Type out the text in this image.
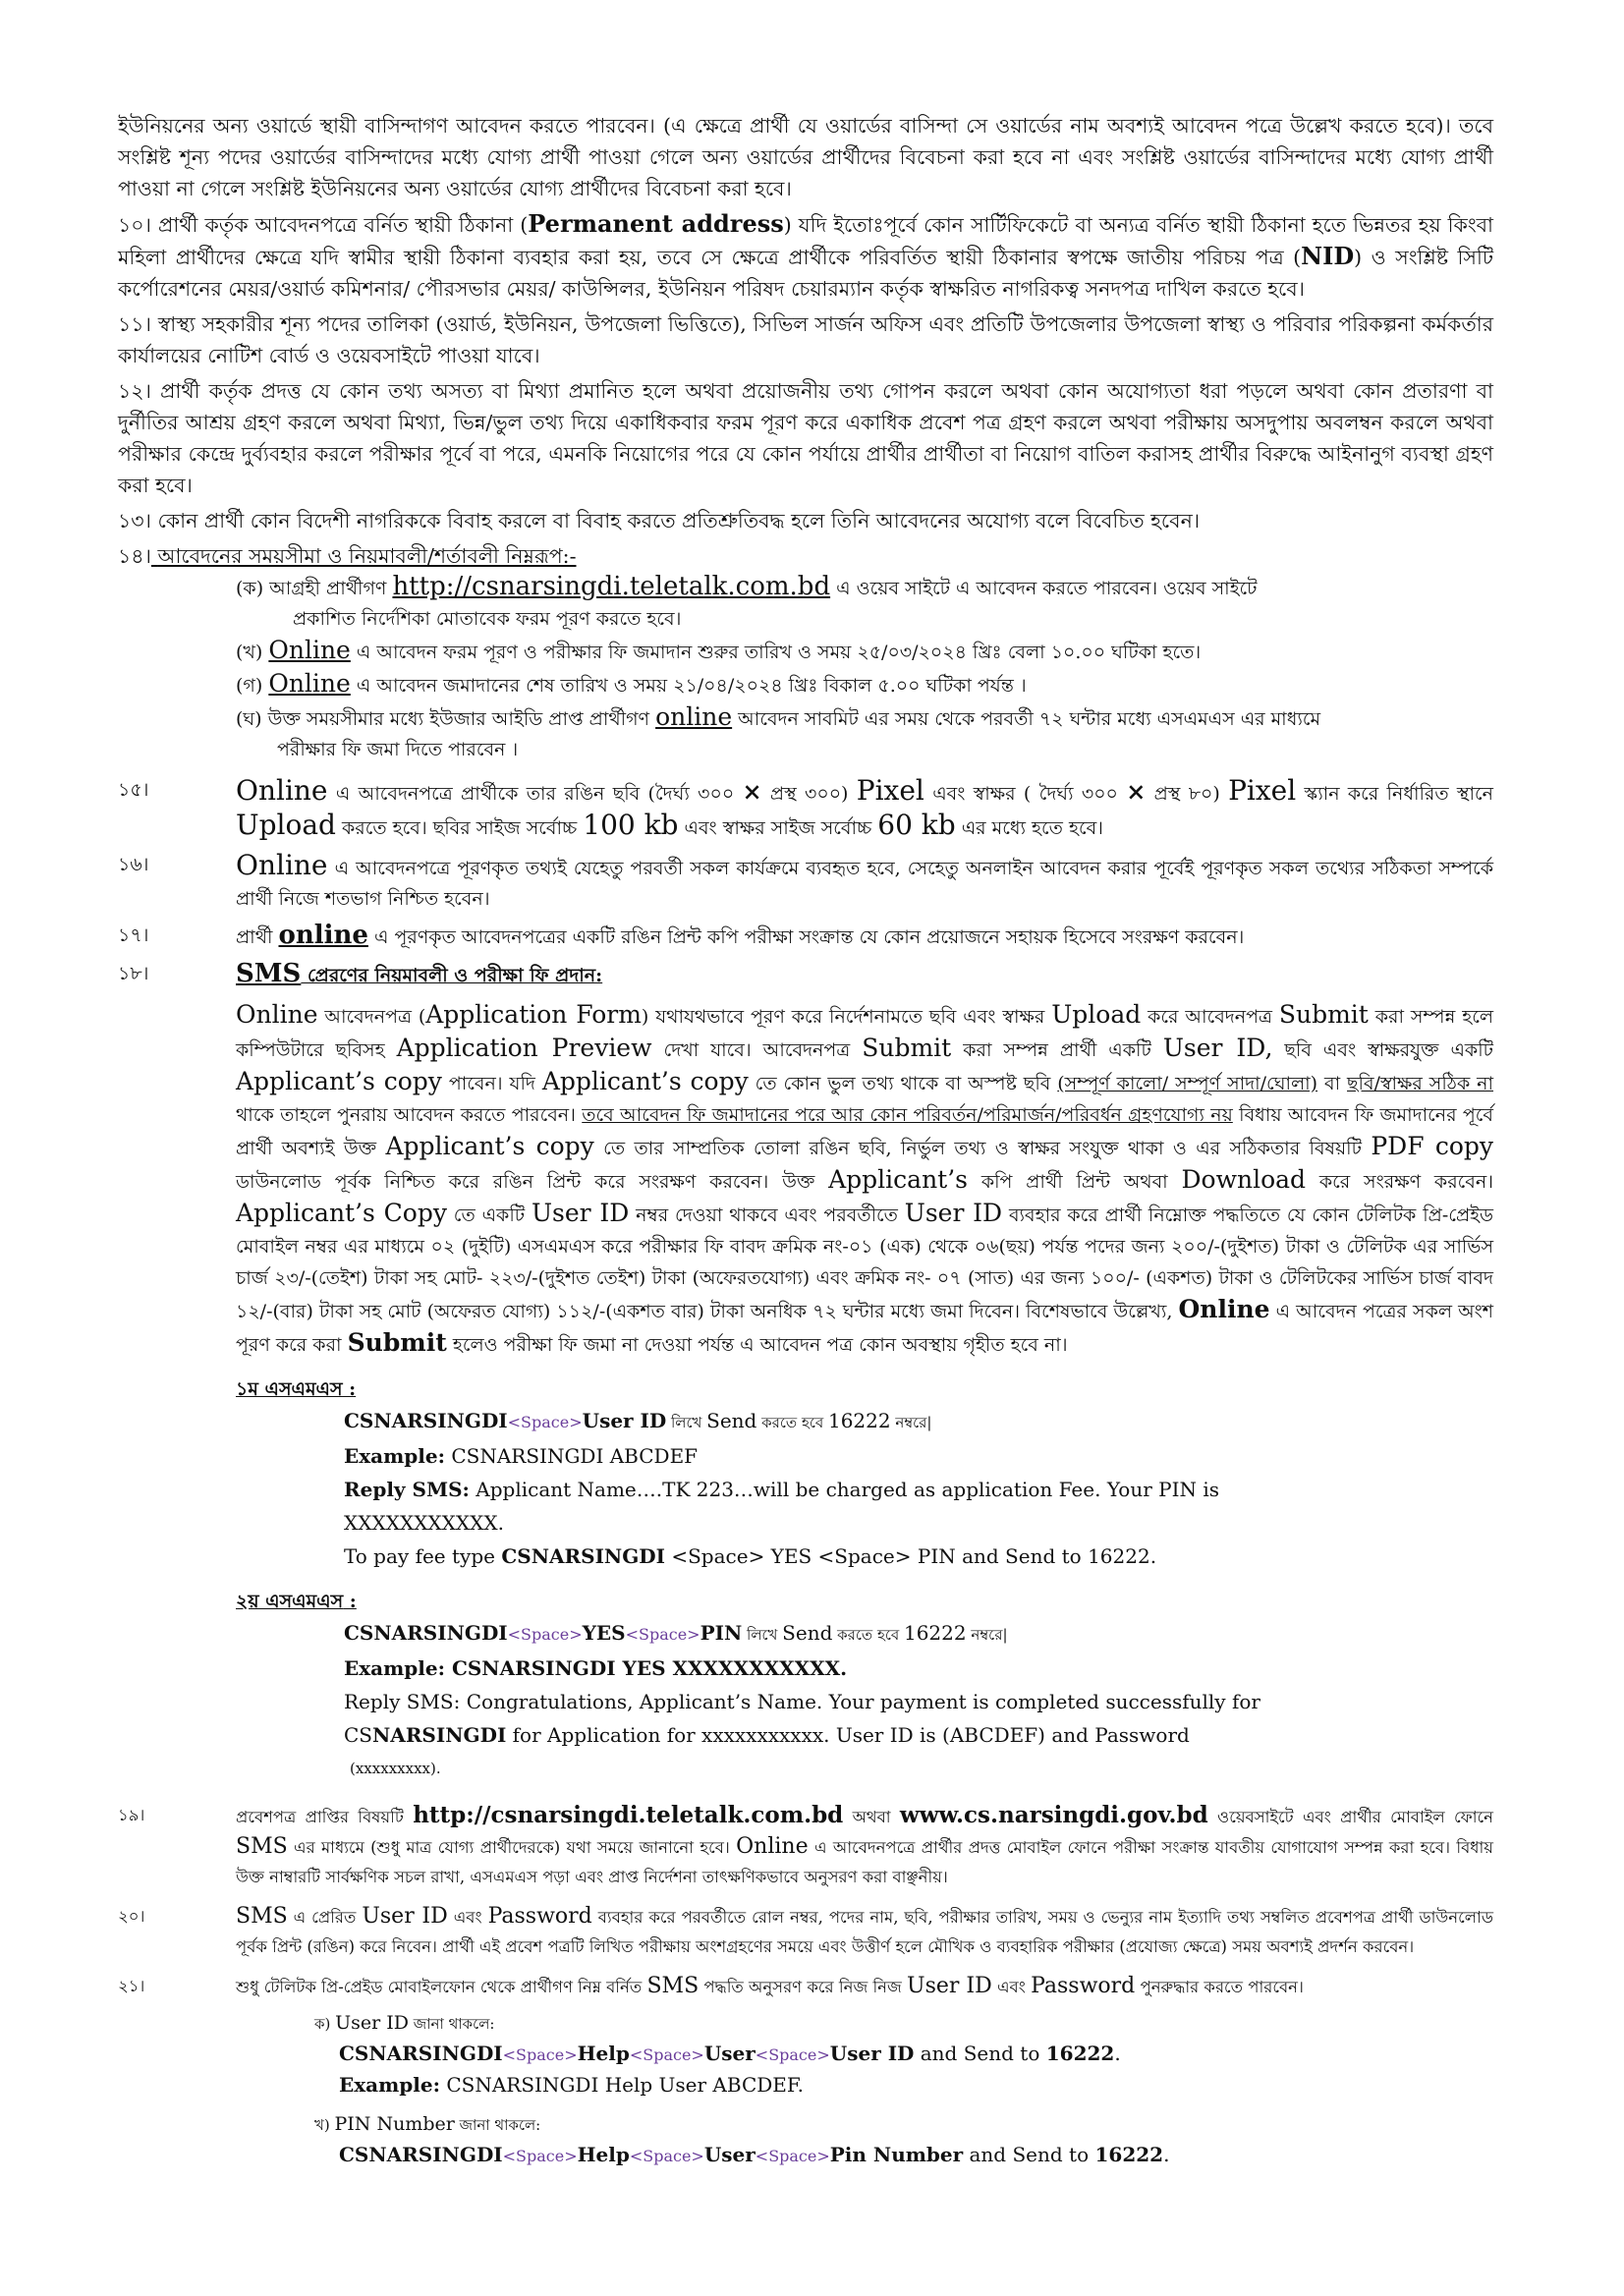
ইউনিয়নের অন্য ওয়ার্ডে স্থায়ী বাসিন্দাগণ আবেদন করতে পারবেন। (এ ক্ষেত্রে প্রার্থী যে ওয়ার্ডের বাসিন্দা সে ওয়ার্ডের নাম অবশ্যই আবেদন পত্রে উল্লেখ করতে হবে)। তবে সংশ্লিষ্ট শূন্য পদের ওয়ার্ডের বাসিন্দাদের মধ্যে যোগ্য প্রার্থী পাওয়া গেলে অন্য ওয়ার্ডের প্রার্থীদের বিবেচনা করা হবে না এবং সংশ্লিষ্ট ওয়ার্ডের বাসিন্দাদের মধ্যে যোগ্য প্রার্থী পাওয়া না গেলে সংশ্লিষ্ট ইউনিয়নের অন্য ওয়ার্ডের যোগ্য প্রার্থীদের বিবেচনা করা হবে।

১০। প্রার্থী কর্তৃক আবেদনপত্রে বর্নিত স্থায়ী ঠিকানা (Permanent address) যদি ইতোঃপূর্বে কোন সার্টিফিকেটে বা অন্যত্র বর্নিত স্থায়ী ঠিকানা হতে ভিন্নতর হয় কিংবা মহিলা প্রার্থীদের ক্ষেত্রে যদি স্বামীর স্থায়ী ঠিকানা ব্যবহার করা হয়, তবে সে ক্ষেত্রে প্রার্থীকে পরিবর্তিত স্থায়ী ঠিকানার স্বপক্ষে জাতীয় পরিচয় পত্র (NID) ও সংশ্লিষ্ট সিটি কর্পোরেশনের মেয়র/ওয়ার্ড কমিশনার/ পৌরসভার মেয়র/ কাউন্সিলর, ইউনিয়ন পরিষদ চেয়ারম্যান কর্তৃক স্বাক্ষরিত নাগরিকত্ব সনদপত্র দাখিল করতে হবে।

১১। স্বাস্থ্য সহকারীর শূন্য পদের তালিকা (ওয়ার্ড, ইউনিয়ন, উপজেলা ভিত্তিতে), সিভিল সার্জন অফিস এবং প্রতিটি উপজেলার উপজেলা স্বাস্থ্য ও পরিবার পরিকল্পনা কর্মকর্তার কার্যালয়ের নোটিশ বোর্ড ও ওয়েবসাইটে পাওয়া যাবে।

১২। প্রার্থী কর্তৃক প্রদত্ত যে কোন তথ্য অসত্য বা মিথ্যা প্রমানিত হলে অথবা প্রয়োজনীয় তথ্য গোপন করলে অথবা কোন অযোগ্যতা ধরা পড়লে অথবা কোন প্রতারণা বা দুর্নীতির আশ্রয় গ্রহণ করলে অথবা মিথ্যা, ভিন্ন/ভুল তথ্য দিয়ে একাধিকবার ফরম পূরণ করে একাধিক প্রবেশ পত্র গ্রহণ করলে অথবা পরীক্ষায় অসদুপায় অবলম্বন করলে অথবা পরীক্ষার কেন্দ্রে দুর্ব্যবহার করলে পরীক্ষার পূর্বে বা পরে, এমনকি নিয়োগের পরে যে কোন পর্যায়ে প্রার্থীর প্রার্থীতা বা নিয়োগ বাতিল করাসহ প্রার্থীর বিরুদ্ধে আইনানুগ ব্যবস্থা গ্রহণ করা হবে।

১৩। কোন প্রার্থী কোন বিদেশী নাগরিককে বিবাহ করলে বা বিবাহ করতে প্রতিশ্রুতিবদ্ধ হলে তিনি আবেদনের অযোগ্য বলে বিবেচিত হবেন।

১৪। আবেদনের সময়সীমা ও নিয়মাবলী/শর্তাবলী নিম্নরূপ:-

(ক) আগ্রহী প্রার্থীগণ http://csnarsingdi.teletalk.com.bd এ ওয়েব সাইটে এ আবেদন করতে পারবেন। ওয়েব সাইটে
প্রকাশিত নির্দেশিকা মোতাবেক ফরম পূরণ করতে হবে।
(খ) Online এ আবেদন ফরম পূরণ ও পরীক্ষার ফি জমাদান শুরুর তারিখ ও সময় ২৫/০৩/২০২৪ খ্রিঃ বেলা ১০.০০ ঘটিকা হতে।
(গ) Online এ আবেদন জমাদানের শেষ তারিখ ও সময় ২১/০৪/২০২৪ খ্রিঃ বিকাল ৫.০০ ঘটিকা পর্যন্ত ।
(ঘ) উক্ত সময়সীমার মধ্যে ইউজার আইডি প্রাপ্ত প্রার্থীগণ online আবেদন সাবমিট এর সময় থেকে পরবর্তী ৭২ ঘন্টার মধ্যে এসএমএস এর মাধ্যমে
পরীক্ষার ফি জমা দিতে পারবেন ।
১৫।	Online এ আবেদনপত্রে প্রার্থীকে তার রঙিন ছবি (দৈর্ঘ্য ৩০০ × প্রস্থ ৩০০) Pixel এবং স্বাক্ষর ( দৈর্ঘ্য ৩০০ × প্রস্থ ৮০) Pixel স্ক্যান করে নির্ধারিত স্থানে Upload করতে হবে। ছবির সাইজ সর্বোচ্চ 100 kb এবং স্বাক্ষর সাইজ সর্বোচ্চ 60 kb এর মধ্যে হতে হবে।
১৬।	Online এ আবেদনপত্রে পূরণকৃত তথ্যই যেহেতু পরবর্তী সকল কার্যক্রমে ব্যবহৃত হবে, সেহেতু অনলাইন আবেদন করার পূর্বেই পূরণকৃত সকল তথ্যের সঠিকতা সম্পর্কে প্রার্থী নিজে শতভাগ নিশ্চিত হবেন।
১৭।	প্রার্থী online এ পূরণকৃত আবেদনপত্রের একটি রঙিন প্রিন্ট কপি পরীক্ষা সংক্রান্ত যে কোন প্রয়োজনে সহায়ক হিসেবে সংরক্ষণ করবেন।
১৮।	SMS প্রেরণের নিয়মাবলী ও পরীক্ষা ফি প্রদান:
Online আবেদনপত্র (Application Form) যথাযথভাবে পূরণ করে নির্দেশনামতে ছবি এবং স্বাক্ষর Upload করে আবেদনপত্র Submit করা সম্পন্ন হলে কম্পিউটারে ছবিসহ Application Preview দেখা যাবে। আবেদনপত্র Submit করা সম্পন্ন প্রার্থী একটি User ID, ছবি এবং স্বাক্ষরযুক্ত একটি Applicant’s copy পাবেন। যদি Applicant’s copy তে কোন ভুল তথ্য থাকে বা অস্পষ্ট ছবি (সম্পূর্ণ কালো/ সম্পূর্ণ সাদা/ঘোলা) বা ছবি/স্বাক্ষর সঠিক না থাকে তাহলে পুনরায় আবেদন করতে পারবেন। তবে আবেদন ফি জমাদানের পরে আর কোন পরিবর্তন/পরিমার্জন/পরিবর্ধন গ্রহণযোগ্য নয় বিধায় আবেদন ফি জমাদানের পূর্বে প্রার্থী অবশ্যই উক্ত Applicant’s copy তে তার সাম্প্রতিক তোলা রঙিন ছবি, নির্ভুল তথ্য ও স্বাক্ষর সংযুক্ত থাকা ও এর সঠিকতার বিষয়টি PDF copy ডাউনলোড পূর্বক নিশ্চিত করে রঙিন প্রিন্ট করে সংরক্ষণ করবেন। উক্ত Applicant’s কপি প্রার্থী প্রিন্ট অথবা Download করে সংরক্ষণ করবেন। Applicant’s Copy তে একটি User ID নম্বর দেওয়া থাকবে এবং পরবর্তীতে User ID ব্যবহার করে প্রার্থী নিম্নোক্ত পদ্ধতিতে যে কোন টেলিটক প্রি-প্রেইড মোবাইল নম্বর এর মাধ্যমে ০২ (দুইটি) এসএমএস করে পরীক্ষার ফি বাবদ ক্রমিক নং-০১ (এক) থেকে ০৬(ছয়) পর্যন্ত পদের জন্য ২০০/-(দুইশত) টাকা ও টেলিটক এর সার্ভিস চার্জ ২৩/-(তেইশ) টাকা সহ মোট- ২২৩/-(দুইশত তেইশ) টাকা (অফেরতযোগ্য) এবং ক্রমিক নং- ০৭ (সাত) এর জন্য ১০০/- (একশত) টাকা ও টেলিটকের সার্ভিস চার্জ বাবদ ১২/-(বার) টাকা সহ মোট (অফেরত যোগ্য) ১১২/-(একশত বার) টাকা অনধিক ৭২ ঘন্টার মধ্যে জমা দিবেন। বিশেষভাবে উল্লেখ্য, Online এ আবেদন পত্রের সকল অংশ পূরণ করে করা Submit হলেও পরীক্ষা ফি জমা না দেওয়া পর্যন্ত এ আবেদন পত্র কোন অবস্থায় গৃহীত হবে না।
১ম এসএমএস :
CSNARSINGDI<Space>User ID লিখে Send করতে হবে 16222 নম্বরে|
Example: CSNARSINGDI ABCDEF
Reply SMS: Applicant Name….TK 223…will be charged as application Fee. Your PIN is
XXXXXXXXXXX.
To pay fee type CSNARSINGDI <Space> YES <Space> PIN and Send to 16222.
২য় এসএমএস :
CSNARSINGDI<Space>YES<Space>PIN লিখে Send করতে হবে 16222 নম্বরে|
Example: CSNARSINGDI YES XXXXXXXXXXX.
Reply SMS: Congratulations, Applicant’s Name. Your payment is completed successfully for
CSNARSINGDI for Application for xxxxxxxxxxx. User ID is (ABCDEF) and Password
(xxxxxxxxx).
১৯।	প্রবেশপত্র প্রাপ্তির বিষয়টি http://csnarsingdi.teletalk.com.bd অথবা www.cs.narsingdi.gov.bd ওয়েবসাইটে এবং প্রার্থীর মোবাইল ফোনে SMS এর মাধ্যমে (শুধু মাত্র যোগ্য প্রার্থীদেরকে) যথা সময়ে জানানো হবে। Online এ আবেদনপত্রে প্রার্থীর প্রদত্ত মোবাইল ফোনে পরীক্ষা সংক্রান্ত যাবতীয় যোগাযোগ সম্পন্ন করা হবে। বিধায় উক্ত নাম্বারটি সার্বক্ষণিক সচল রাখা, এসএমএস পড়া এবং প্রাপ্ত নির্দেশনা তাৎক্ষণিকভাবে অনুসরণ করা বাঞ্ছনীয়।
২০।	SMS এ প্রেরিত User ID এবং Password ব্যবহার করে পরবর্তীতে রোল নম্বর, পদের নাম, ছবি, পরীক্ষার তারিখ, সময় ও ভেন্যুর নাম ইত্যাদি তথ্য সম্বলিত প্রবেশপত্র প্রার্থী ডাউনলোড পূর্বক প্রিন্ট (রঙিন) করে নিবেন। প্রার্থী এই প্রবেশ পত্রটি লিখিত পরীক্ষায় অংশগ্রহণের সময়ে এবং উত্তীর্ণ হলে মৌখিক ও ব্যবহারিক পরীক্ষার (প্রযোজ্য ক্ষেত্রে) সময় অবশ্যই প্রদর্শন করবেন।
২১।	শুধু টেলিটক প্রি-প্রেইড মোবাইলফোন থেকে প্রার্থীগণ নিম্ন বর্নিত SMS পদ্ধতি অনুসরণ করে নিজ নিজ User ID এবং Password পুনরুদ্ধার করতে পারবেন।
ক) User ID জানা থাকলে:
CSNARSINGDI<Space>Help<Space>User<Space>User ID and Send to 16222.
Example: CSNARSINGDI Help User ABCDEF.
খ) PIN Number জানা থাকলে:
CSNARSINGDI<Space>Help<Space>User<Space>Pin Number and Send to 16222.
